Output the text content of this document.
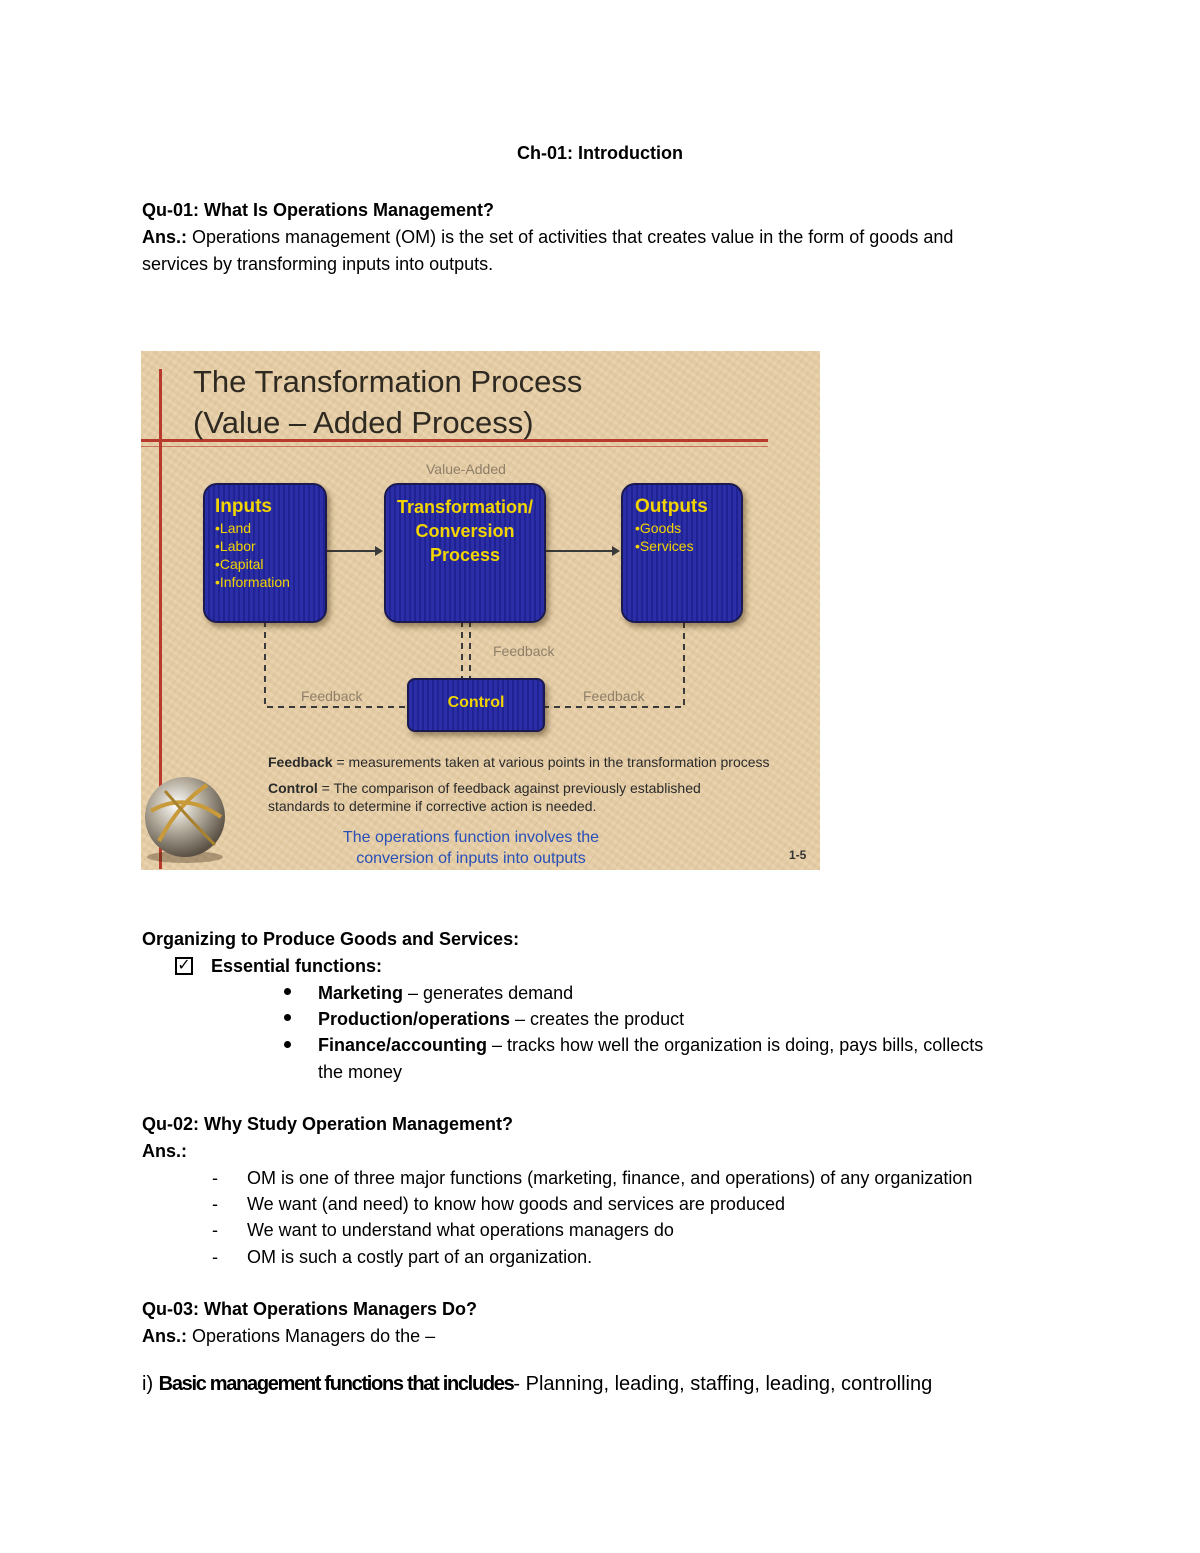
Ch-01: Introduction
Qu-01: What Is Operations Management?
Ans.: Operations management (OM) is the set of activities that creates value in the form of goods and
services by transforming inputs into outputs.
The Transformation Process
(Value – Added Process)
Value-Added
Inputs
•Land
•Labor
•Capital
•Information
Transformation/
Conversion
Process
Outputs
•Goods
•Services
Feedback
Feedback	Feedback
Control
Feedback = measurements taken at various points in the transformation process
Control = The comparison of feedback against previously established
standards to determine if corrective action is needed.
The operations function involves the
conversion of inputs into outputs	1-5
Organizing to Produce Goods and Services:
✓ Essential functions:
Marketing – generates demand
Production/operations – creates the product
Finance/accounting – tracks how well the organization is doing, pays bills, collects
the money
Qu-02: Why Study Operation Management?
Ans.:
- OM is one of three major functions (marketing, finance, and operations) of any organization
- We want (and need) to know how goods and services are produced
- We want to understand what operations managers do
- OM is such a costly part of an organization.
Qu-03: What Operations Managers Do?
Ans.: Operations Managers do the –
i) Basic management functions that includes- Planning, leading, staffing, leading, controlling
